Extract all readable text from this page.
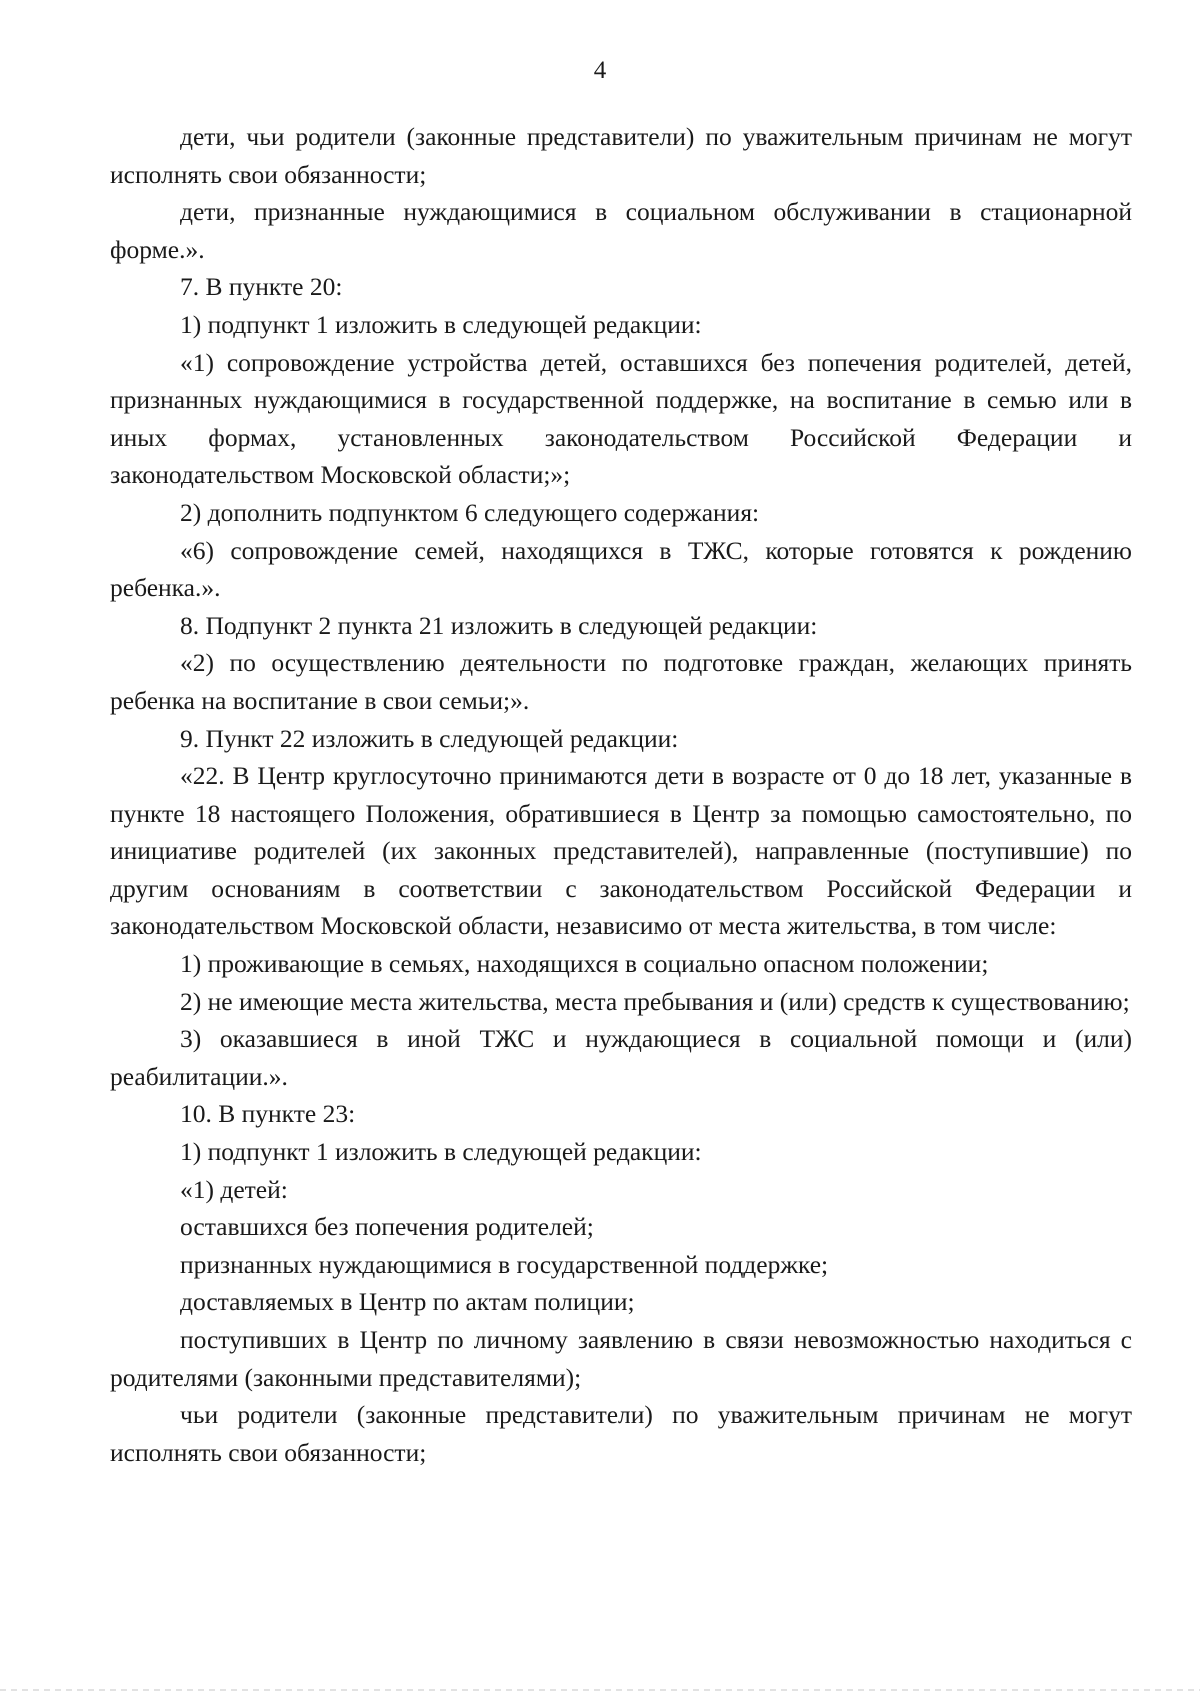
4

дети, чьи родители (законные представители) по уважительным причинам не могут исполнять свои обязанности;

дети, признанные нуждающимися в социальном обслуживании в стационарной форме.».

7. В пункте 20:

1) подпункт 1 изложить в следующей редакции:

«1) сопровождение устройства детей, оставшихся без попечения родителей, детей, признанных нуждающимися в государственной поддержке, на воспитание в семью или в иных формах, установленных законодательством Российской Федерации и законодательством Московской области;»;

2) дополнить подпунктом 6 следующего содержания:

«6) сопровождение семей, находящихся в ТЖС, которые готовятся к рождению ребенка.».

8. Подпункт 2 пункта 21 изложить в следующей редакции:

«2) по осуществлению деятельности по подготовке граждан, желающих принять ребенка на воспитание в свои семьи;».

9. Пункт 22 изложить в следующей редакции:

«22. В Центр круглосуточно принимаются дети в возрасте от 0 до 18 лет, указанные в пункте 18 настоящего Положения, обратившиеся в Центр за помощью самостоятельно, по инициативе родителей (их законных представителей), направленные (поступившие) по другим основаниям в соответствии с законодательством Российской Федерации и законодательством Московской области, независимо от места жительства, в том числе:

1) проживающие в семьях, находящихся в социально опасном положении;

2) не имеющие места жительства, места пребывания и (или) средств к существованию;

3) оказавшиеся в иной ТЖС и нуждающиеся в социальной помощи и (или) реабилитации.».

10. В пункте 23:

1) подпункт 1 изложить в следующей редакции:

«1) детей:

оставшихся без попечения родителей;

признанных нуждающимися в государственной поддержке;

доставляемых в Центр по актам полиции;

поступивших в Центр по личному заявлению в связи невозможностью находиться с родителями (законными представителями);

чьи родители (законные представители) по уважительным причинам не могут исполнять свои обязанности;
